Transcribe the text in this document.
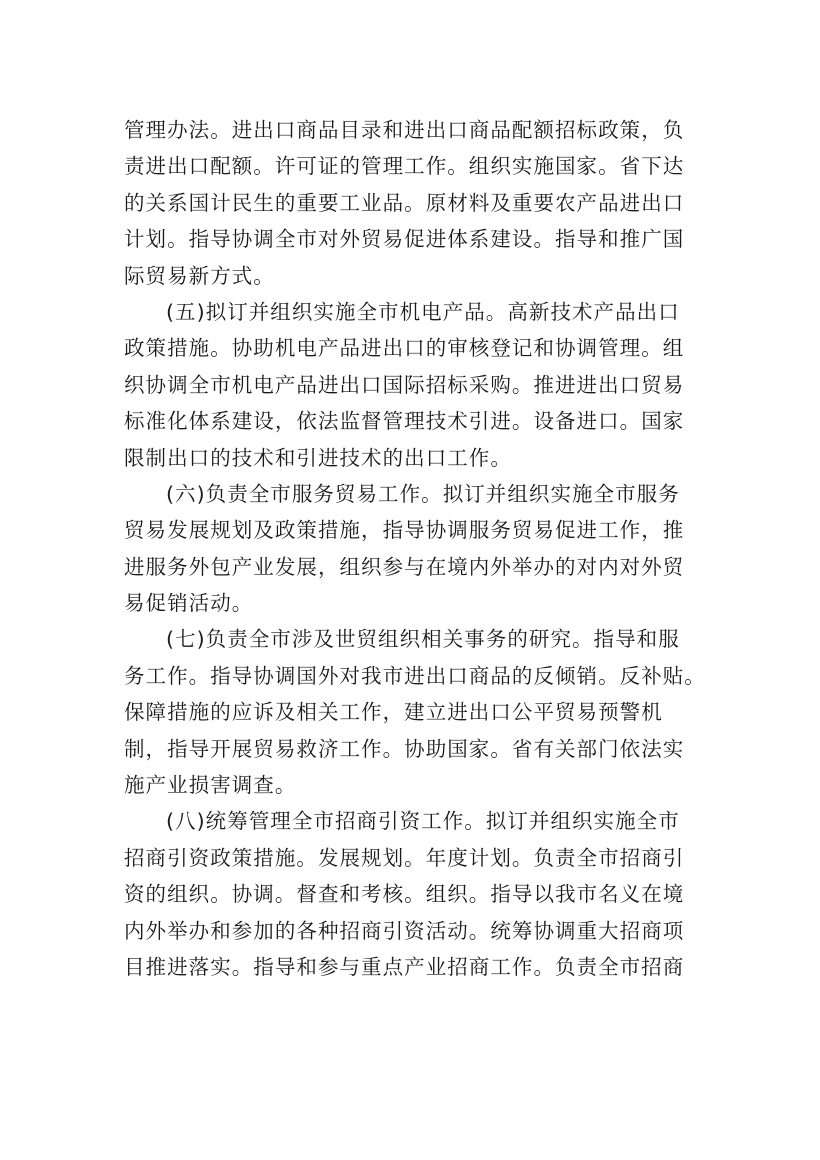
管理办法。进出口商品目录和进出口商品配额招标政策，负
责进出口配额。许可证的管理工作。组织实施国家。省下达
的关系国计民生的重要工业品。原材料及重要农产品进出口
计划。指导协调全市对外贸易促进体系建设。指导和推广国
际贸易新方式。
(五)拟订并组织实施全市机电产品。高新技术产品出口
政策措施。协助机电产品进出口的审核登记和协调管理。组
织协调全市机电产品进出口国际招标采购。推进进出口贸易
标准化体系建设，依法监督管理技术引进。设备进口。国家
限制出口的技术和引进技术的出口工作。
(六)负责全市服务贸易工作。拟订并组织实施全市服务
贸易发展规划及政策措施，指导协调服务贸易促进工作，推
进服务外包产业发展，组织参与在境内外举办的对内对外贸
易促销活动。
(七)负责全市涉及世贸组织相关事务的研究。指导和服
务工作。指导协调国外对我市进出口商品的反倾销。反补贴。
保障措施的应诉及相关工作，建立进出口公平贸易预警机
制，指导开展贸易救济工作。协助国家。省有关部门依法实
施产业损害调查。
(八)统筹管理全市招商引资工作。拟订并组织实施全市
招商引资政策措施。发展规划。年度计划。负责全市招商引
资的组织。协调。督查和考核。组织。指导以我市名义在境
内外举办和参加的各种招商引资活动。统筹协调重大招商项
目推进落实。指导和参与重点产业招商工作。负责全市招商
